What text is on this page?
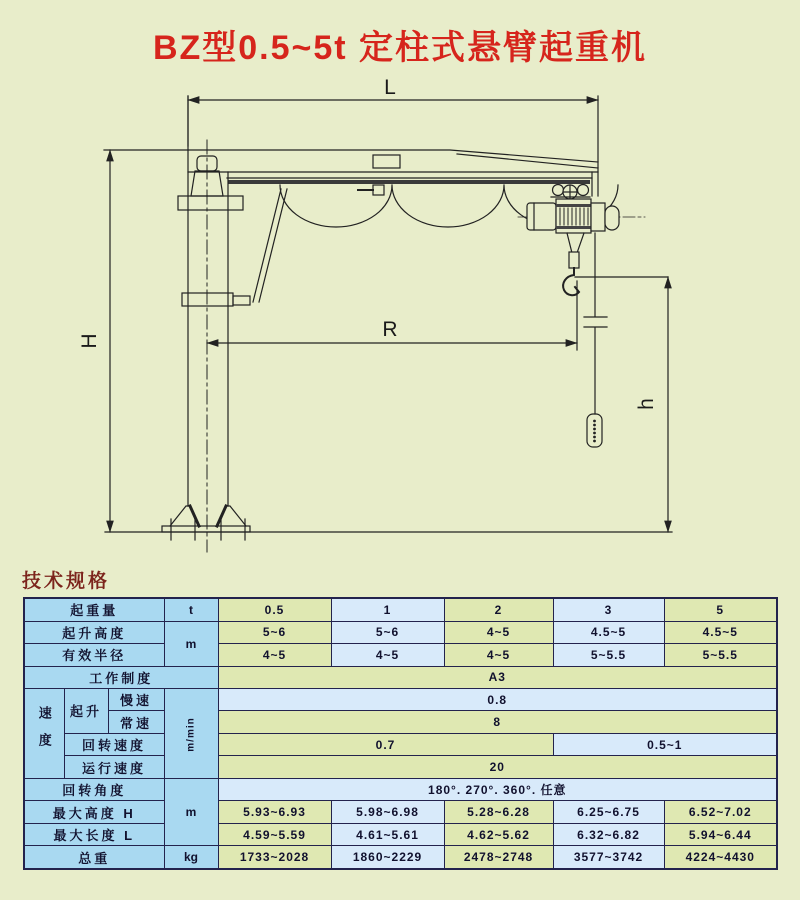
BZ型0.5~5t 定柱式悬臂起重机
L
H	R
h
技术规格
起重量			t	0.5	1	2	3	5
起升高度			m	5~6	5~6	4~5	4.5~5	4.5~5
有效半径				4~5	4~5	4~5	5~5.5	5~5.5
工作制度				A3				
速度	起升	慢速	m/min	0.8				
		常速		8				
	回转速度			0.7			0.5~1	
	运行速度			20				
回转角度			m	180°. 270°. 360°. 任意				
最大高度 H				5.93~6.93	5.98~6.98	5.28~6.28	6.25~6.75	6.52~7.02
最大长度 L				4.59~5.59	4.61~5.61	4.62~5.62	6.32~6.82	5.94~6.44
总重			kg	1733~2028	1860~2229	2478~2748	3577~3742	4224~4430
